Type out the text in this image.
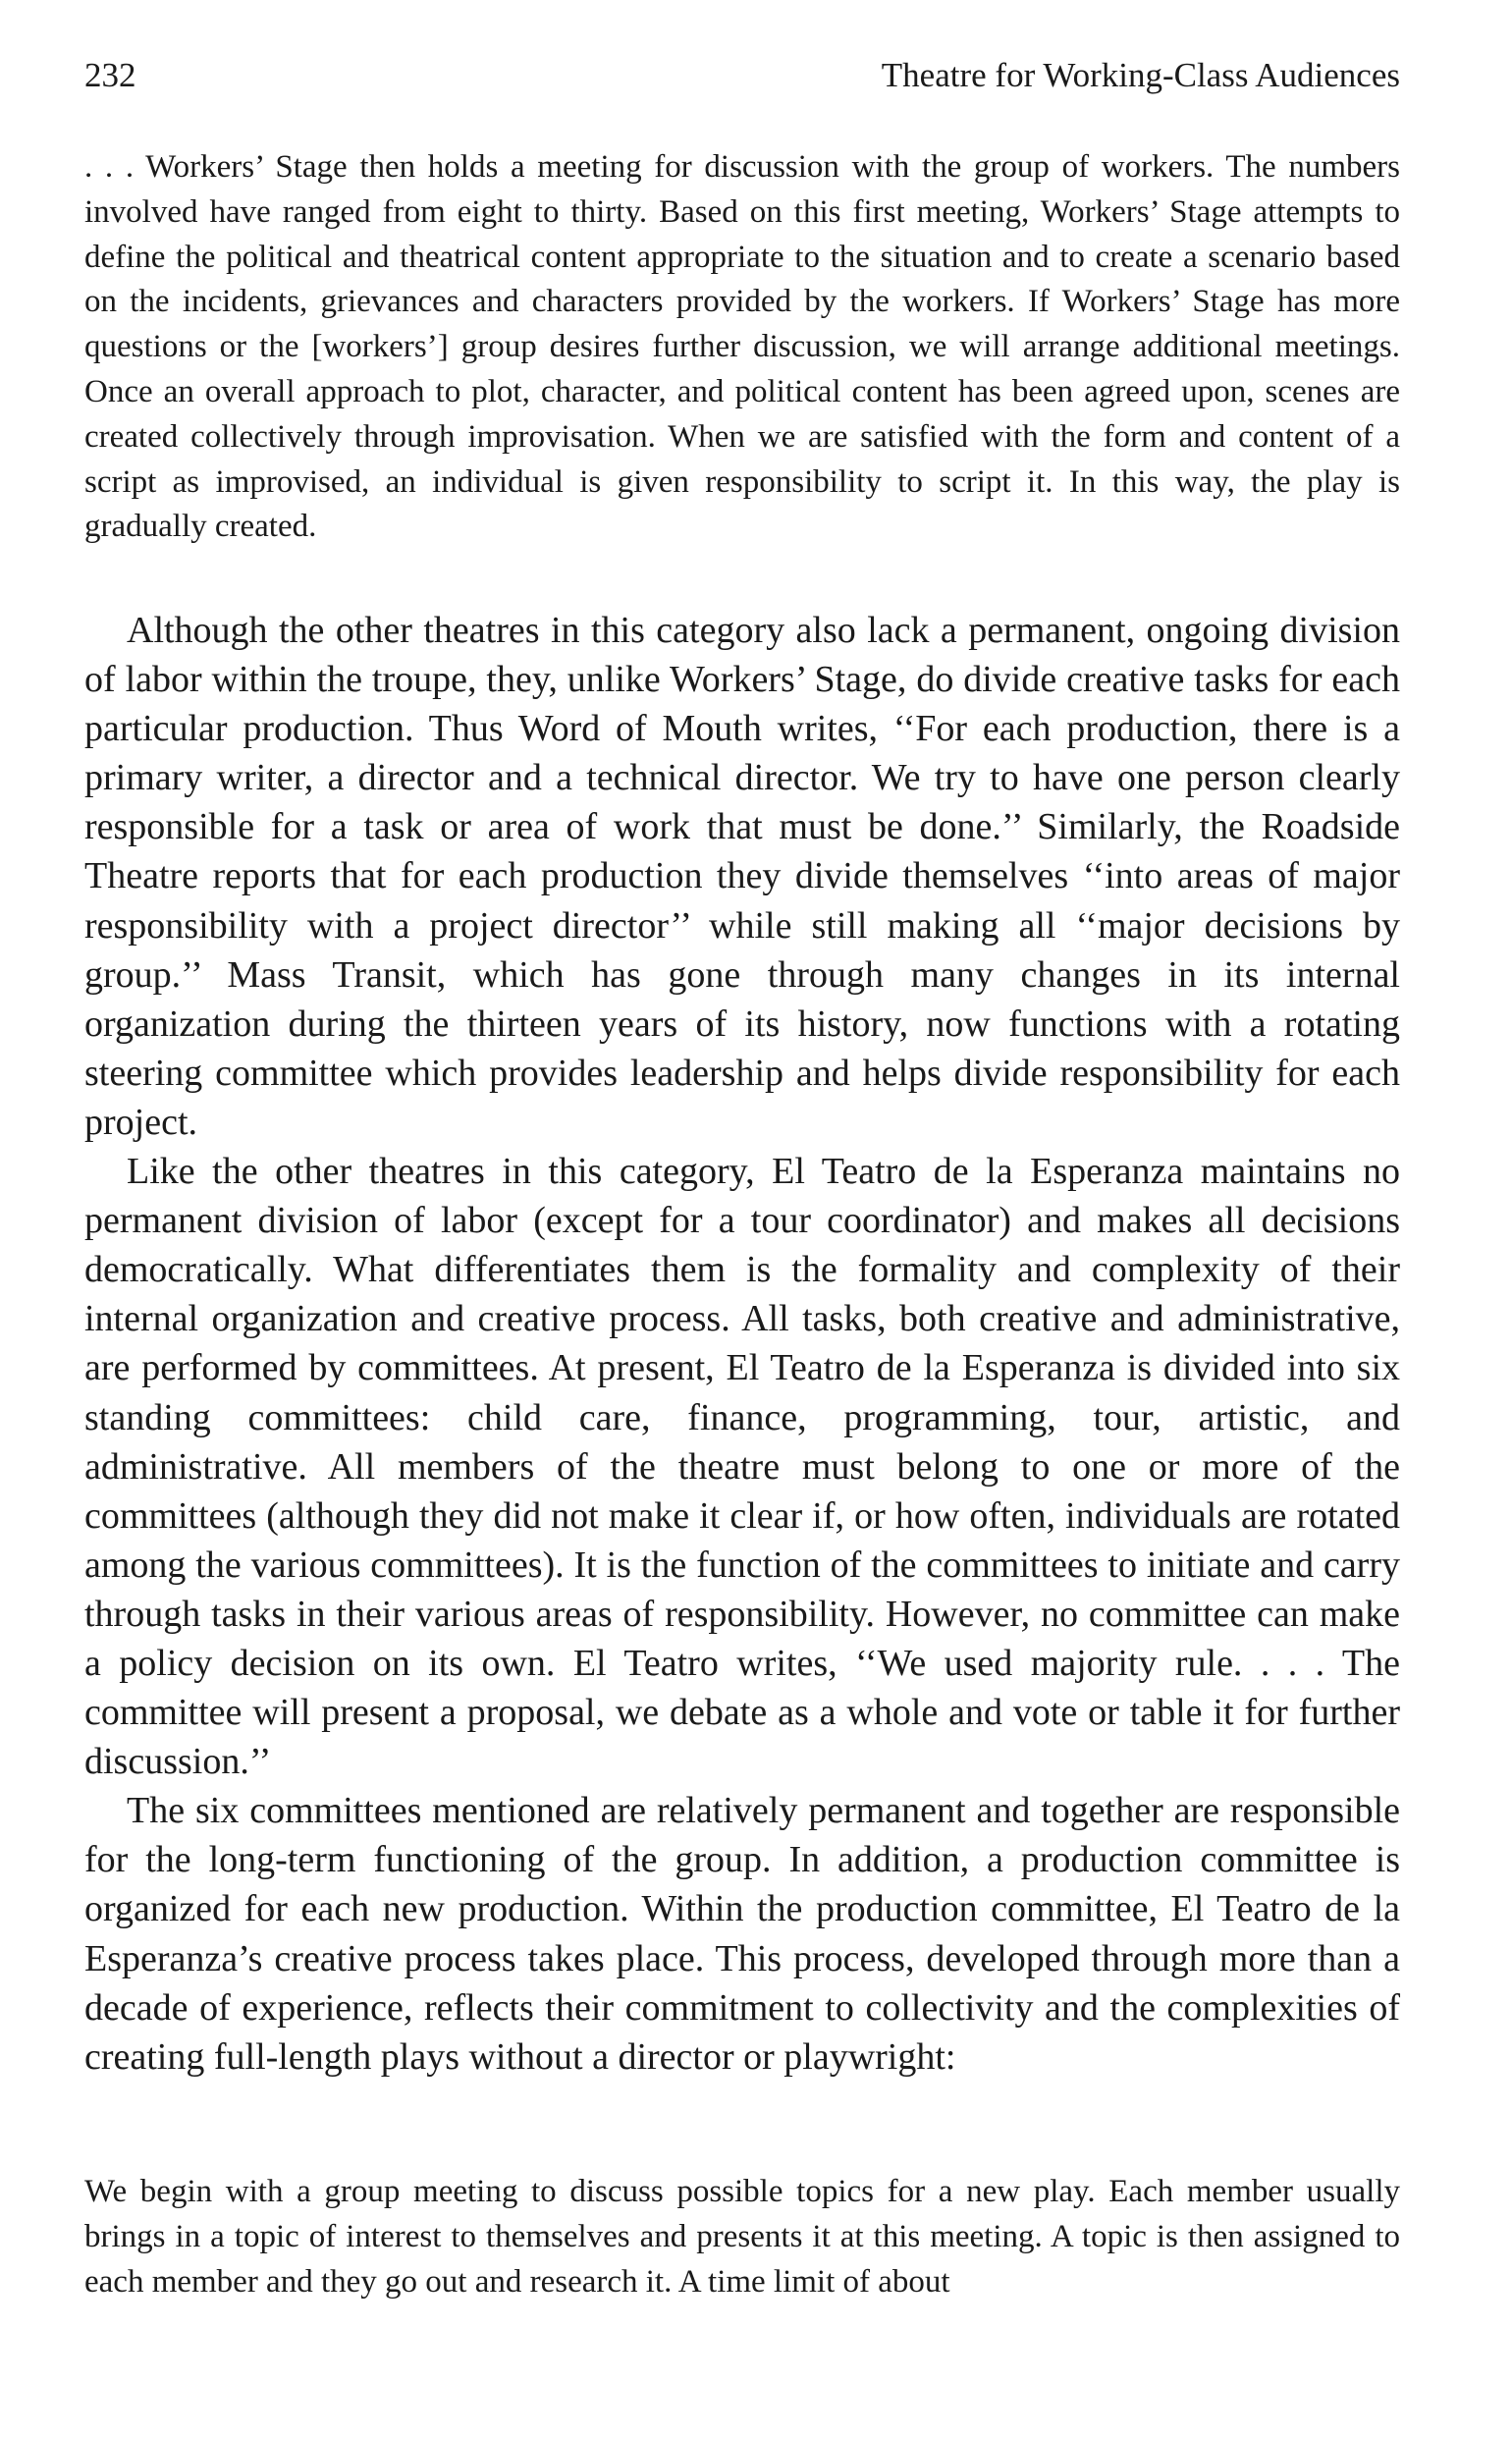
232	Theatre for Working-Class Audiences

. . . Workers’ Stage then holds a meeting for discussion with the group of workers. The numbers involved have ranged from eight to thirty. Based on this first meeting, Workers’ Stage attempts to define the political and theatrical content appropriate to the situation and to create a scenario based on the incidents, grievances and characters provided by the workers. If Workers’ Stage has more questions or the [workers’] group desires further discussion, we will arrange additional meetings. Once an overall approach to plot, character, and political content has been agreed upon, scenes are created collectively through improvisation. When we are satisfied with the form and content of a script as improvised, an individual is given responsibility to script it. In this way, the play is gradually created.

Although the other theatres in this category also lack a permanent, ongoing division of labor within the troupe, they, unlike Workers’ Stage, do divide creative tasks for each particular production. Thus Word of Mouth writes, ‘‘For each production, there is a primary writer, a director and a technical director. We try to have one person clearly responsible for a task or area of work that must be done.’’ Similarly, the Roadside Theatre reports that for each production they divide themselves ‘‘into areas of major responsibility with a project director’’ while still making all ‘‘major decisions by group.’’ Mass Transit, which has gone through many changes in its internal organization during the thirteen years of its history, now functions with a rotating steering committee which provides leadership and helps divide responsibility for each project.

Like the other theatres in this category, El Teatro de la Esperanza maintains no permanent division of labor (except for a tour coordinator) and makes all decisions democratically. What differentiates them is the formality and complexity of their internal organization and creative process. All tasks, both creative and administrative, are performed by committees. At present, El Teatro de la Esperanza is divided into six standing committees: child care, finance, programming, tour, artistic, and administrative. All members of the theatre must belong to one or more of the committees (although they did not make it clear if, or how often, individuals are rotated among the various committees). It is the function of the committees to initiate and carry through tasks in their various areas of responsibility. However, no committee can make a policy decision on its own. El Teatro writes, ‘‘We used majority rule. . . . The committee will present a proposal, we debate as a whole and vote or table it for further discussion.’’

The six committees mentioned are relatively permanent and together are responsible for the long-term functioning of the group. In addition, a production committee is organized for each new production. Within the production committee, El Teatro de la Esperanza’s creative process takes place. This process, developed through more than a decade of experience, reflects their commitment to collectivity and the complexities of creating full-length plays without a director or playwright:

We begin with a group meeting to discuss possible topics for a new play. Each member usually brings in a topic of interest to themselves and presents it at this meeting. A topic is then assigned to each member and they go out and research it. A time limit of about
